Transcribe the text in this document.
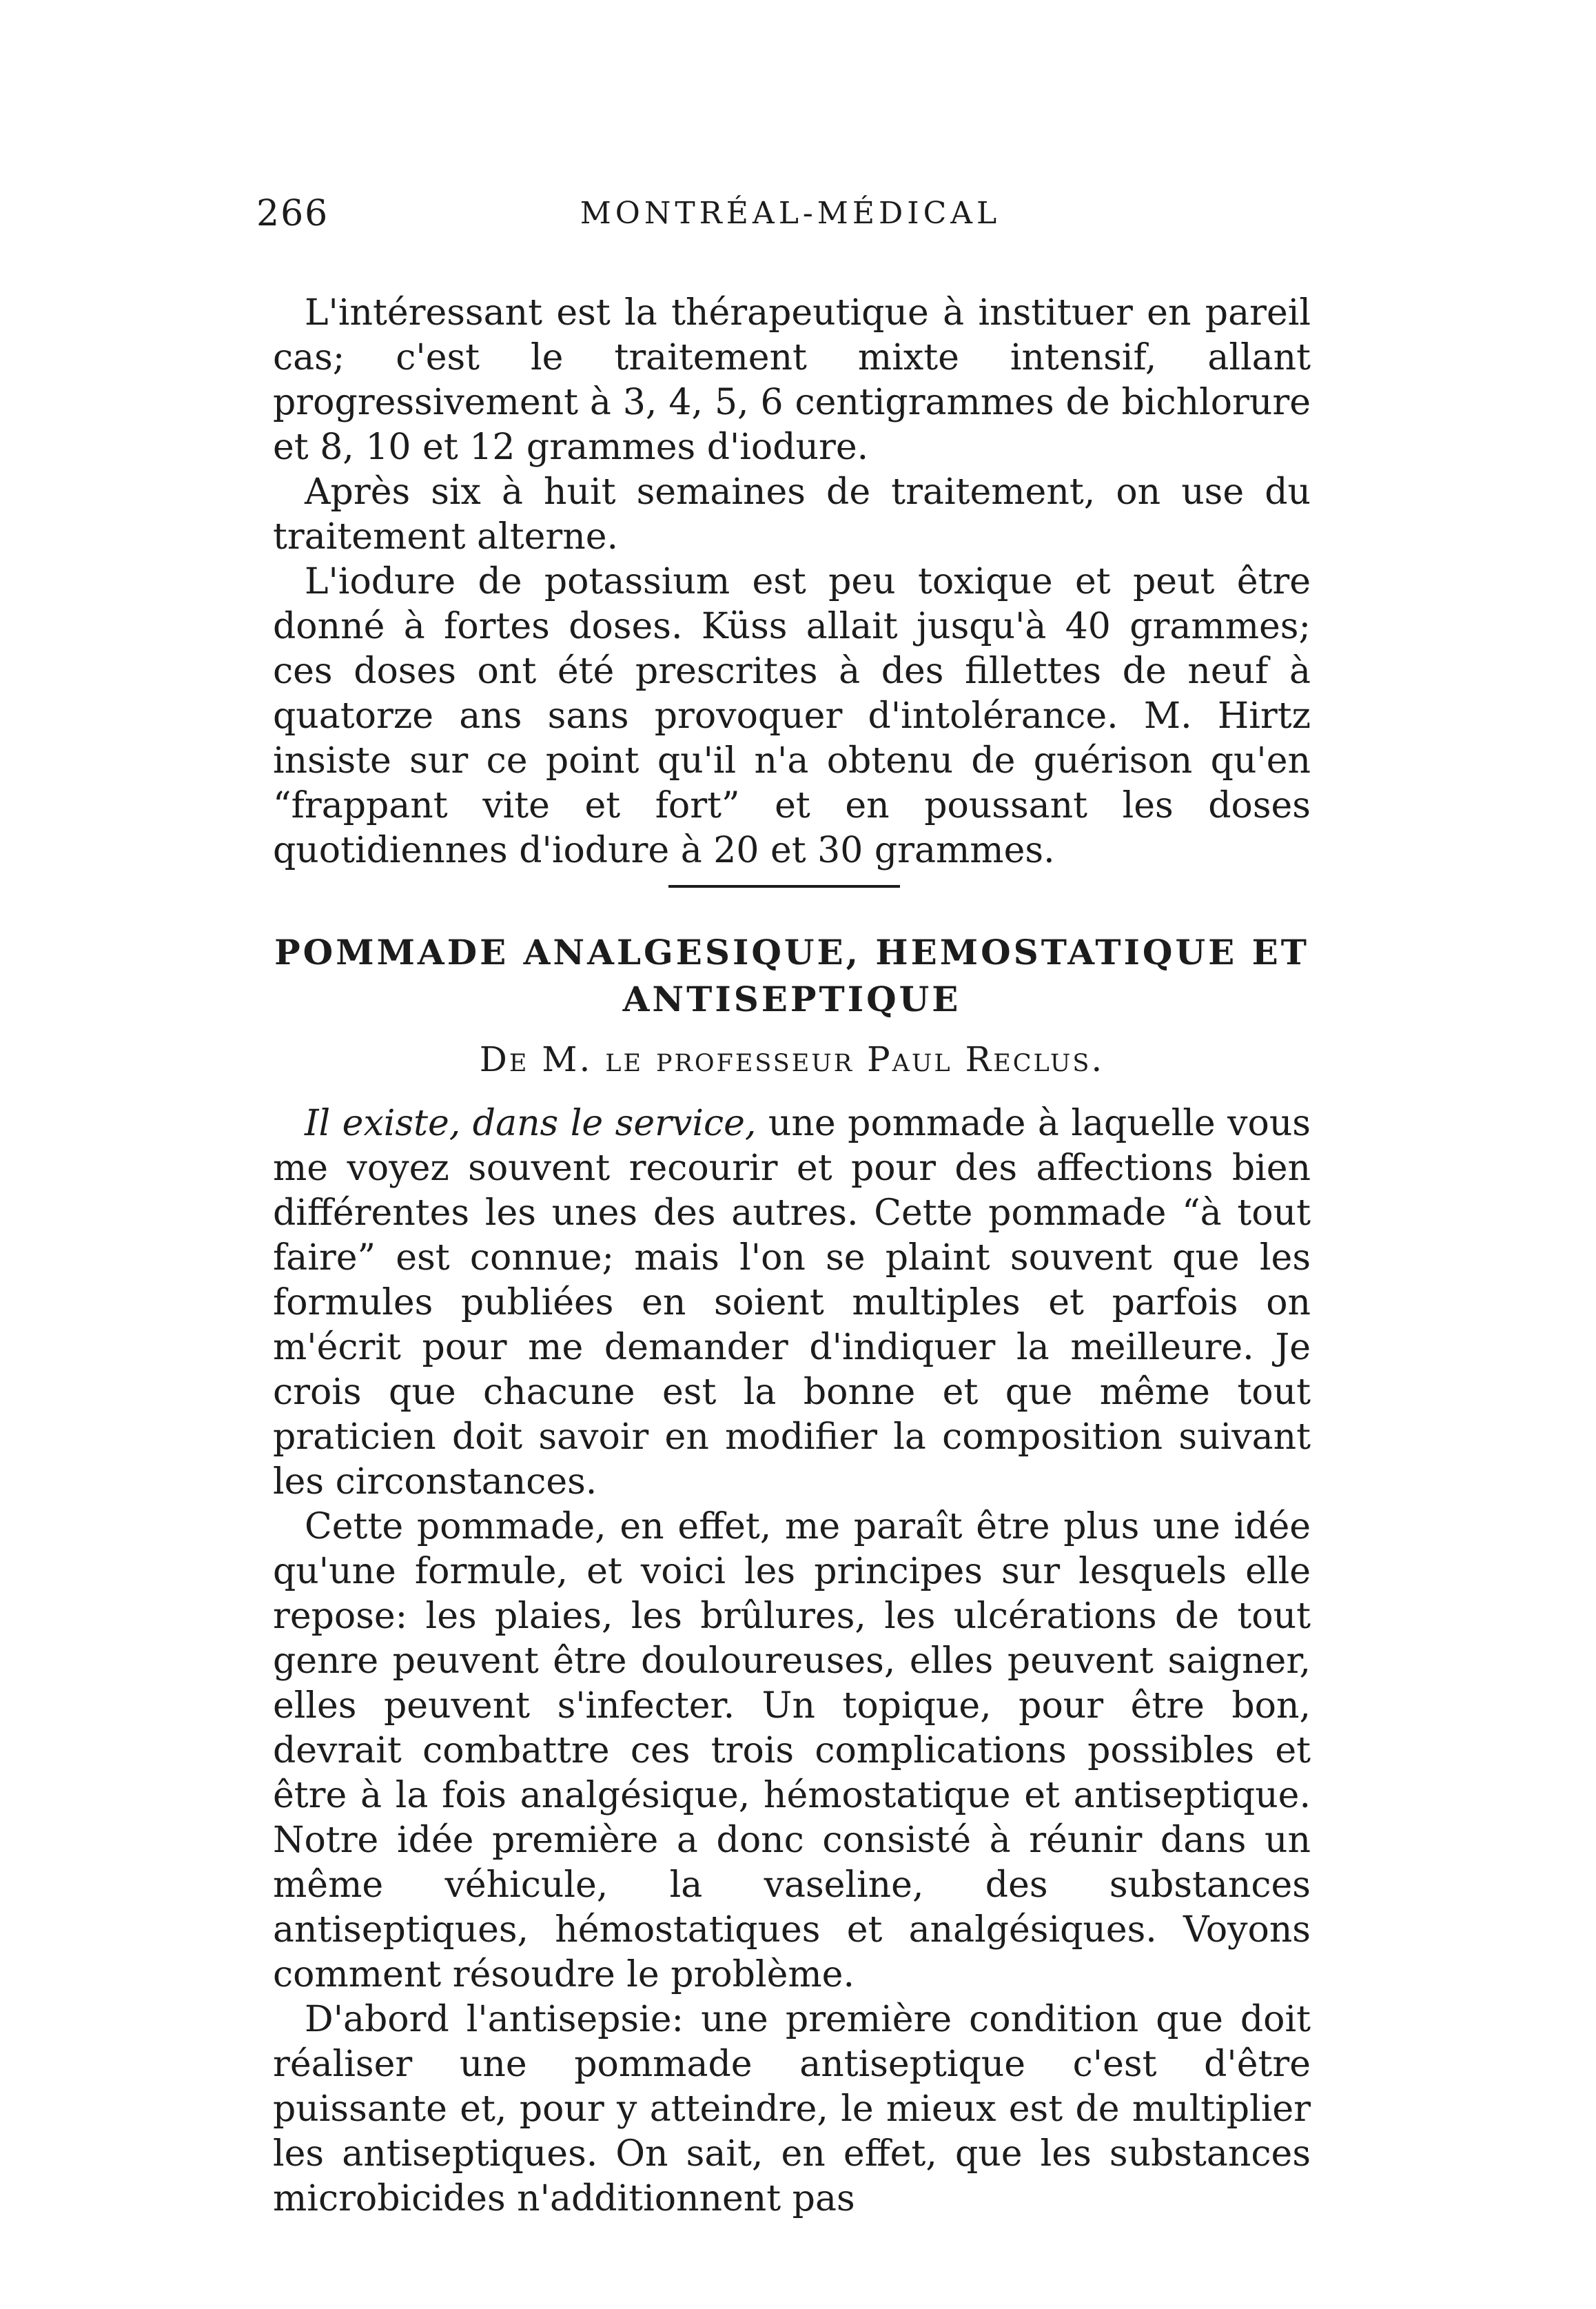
266	MONTRÉAL-MÉDICAL

L'intéressant est la thérapeutique à instituer en pareil cas; c'est le traitement mixte intensif, allant progressivement à 3, 4, 5, 6 centigrammes de bichlorure et 8, 10 et 12 grammes d'iodure.

Après six à huit semaines de traitement, on use du traitement alterne.

L'iodure de potassium est peu toxique et peut être donné à fortes doses. Küss allait jusqu'à 40 grammes; ces doses ont été prescrites à des fillettes de neuf à quatorze ans sans provoquer d'intolérance. M. Hirtz insiste sur ce point qu'il n'a obtenu de guérison qu'en “frappant vite et fort” et en poussant les doses quotidiennes d'iodure à 20 et 30 grammes.

POMMADE ANALGESIQUE, HEMOSTATIQUE ET ANTISEPTIQUE
De M. le professeur Paul Reclus.

Il existe, dans le service, une pommade à laquelle vous me voyez souvent recourir et pour des affections bien différentes les unes des autres. Cette pommade “à tout faire” est connue; mais l'on se plaint souvent que les formules publiées en soient multiples et parfois on m'écrit pour me demander d'indiquer la meilleure. Je crois que chacune est la bonne et que même tout praticien doit savoir en modifier la composition suivant les circonstances.

Cette pommade, en effet, me paraît être plus une idée qu'une formule, et voici les principes sur lesquels elle repose: les plaies, les brûlures, les ulcérations de tout genre peuvent être douloureuses, elles peuvent saigner, elles peuvent s'infecter. Un topique, pour être bon, devrait combattre ces trois complications possibles et être à la fois analgésique, hémostatique et antiseptique. Notre idée première a donc consisté à réunir dans un même véhicule, la vaseline, des substances antiseptiques, hémostatiques et analgésiques. Voyons comment résoudre le problème.

D'abord l'antisepsie: une première condition que doit réaliser une pommade antiseptique c'est d'être puissante et, pour y atteindre, le mieux est de multiplier les antiseptiques. On sait, en effet, que les substances microbicides n'additionnent pas
